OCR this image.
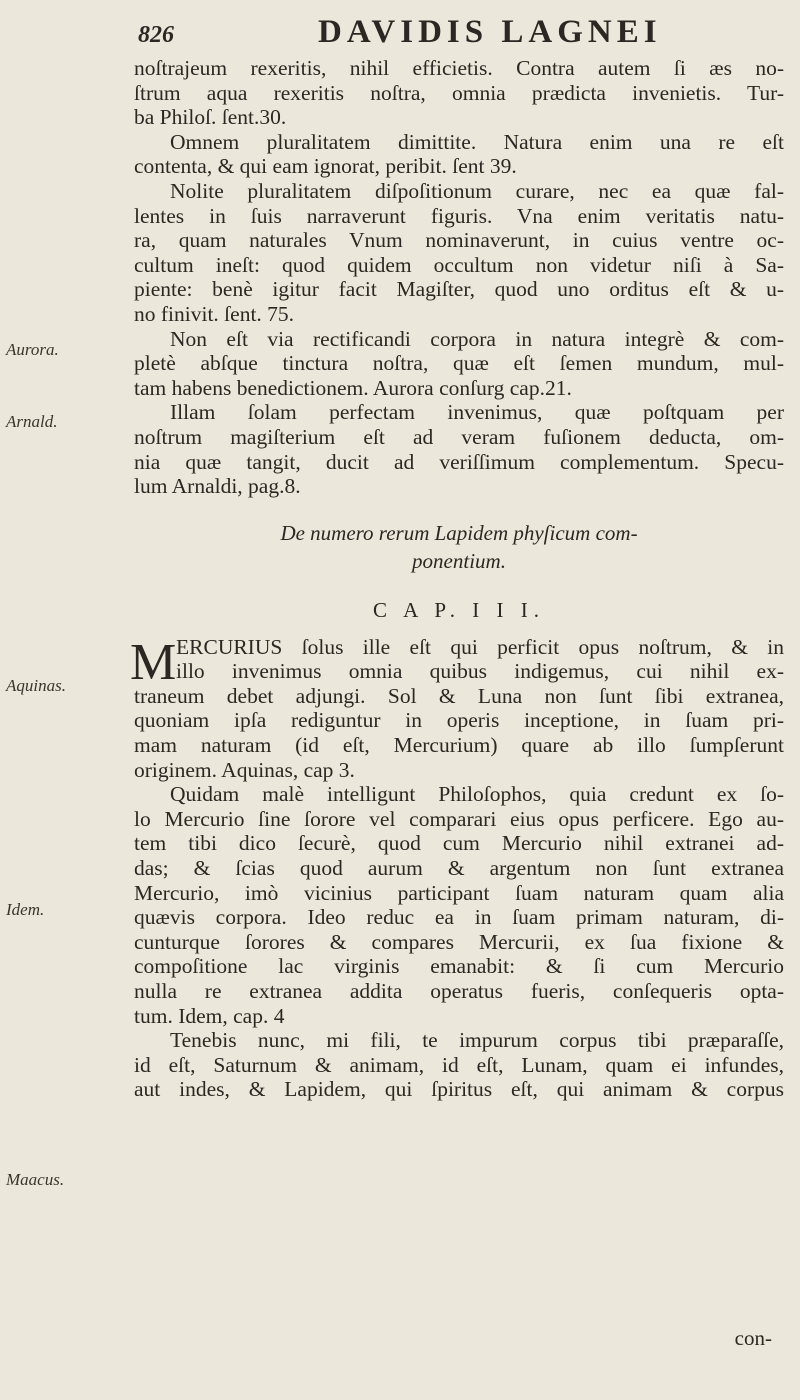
826	DAVIDIS LAGNEI
noſtrajeum rexeritis, nihil efficietis. Contra autem ſi æs no-
ſtrum aqua rexeritis noſtra, omnia prædicta invenietis. Tur-
ba Philoſ. ſent.30.
Omnem pluralitatem dimittite. Natura enim una re eſt
contenta, & qui eam ignorat, peribit. ſent 39.
Nolite pluralitatem diſpoſitionum curare, nec ea quæ fal-
lentes in ſuis narraverunt figuris. Vna enim veritatis natu-
ra, quam naturales Vnum nominaverunt, in cuius ventre oc-
cultum ineſt: quod quidem occultum non videtur niſi à Sa-
piente: benè igitur facit Magiſter, quod uno orditus eſt & u-
no finivit. ſent. 75.
Non eſt via rectificandi corpora in natura integrè & com-
pletè abſque tinctura noſtra, quæ eſt ſemen mundum, mul-
tam habens benedictionem. Aurora conſurg cap.21.
Illam ſolam perfectam invenimus, quæ poſtquam per
noſtrum magiſterium eſt ad veram fuſionem deducta, om-
nia quæ tangit, ducit ad veriſſimum complementum. Specu-
lum Arnaldi, pag.8.
De numero rerum Lapidem phyſicum com-
ponentium.
C A P. I I I.
M ERCURIUS ſolus ille eſt qui perficit opus noſtrum, & in
illo invenimus omnia quibus indigemus, cui nihil ex-
traneum debet adjungi. Sol & Luna non ſunt ſibi extranea,
quoniam ipſa rediguntur in operis inceptione, in ſuam pri-
mam naturam (id eſt, Mercurium) quare ab illo ſumpſerunt
originem. Aquinas, cap 3.
Quidam malè intelligunt Philoſophos, quia credunt ex ſo-
lo Mercurio ſine ſorore vel comparari eius opus perficere. Ego au-
tem tibi dico ſecurè, quod cum Mercurio nihil extranei ad-
das; & ſcias quod aurum & argentum non ſunt extranea
Mercurio, imò vicinius participant ſuam naturam quam alia
quævis corpora. Ideo reduc ea in ſuam primam naturam, di-
cunturque ſorores & compares Mercurii, ex ſua fixione &
compoſitione lac virginis emanabit: & ſi cum Mercurio
nulla re extranea addita operatus fueris, conſequeris opta-
tum. Idem, cap. 4
Tenebis nunc, mi fili, te impurum corpus tibi præparaſſe,
id eſt, Saturnum & animam, id eſt, Lunam, quam ei infundes,
aut indes, & Lapidem, qui ſpiritus eſt, qui animam & corpus
con-
Aurora.
Arnald.
Aquinas.
Idem.
Maacus.
